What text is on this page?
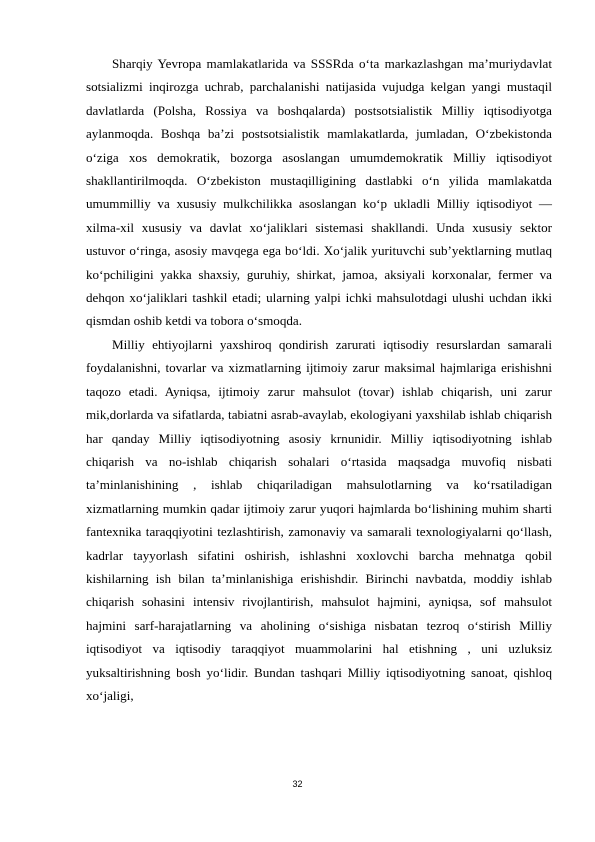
Sharqiy Yevropa mamlakatlarida va SSSRda oʻta markazlashgan maʼmuriydavlat sotsializmi inqirozga uchrab, parchalanishi natijasida vujudga kelgan yangi mustaqil davlatlarda (Polsha, Rossiya va boshqalarda) postsotsialistik Milliy iqtisodiyotga aylanmoqda. Boshqa baʼzi postsotsialistik mamlakatlarda, jumladan, Oʻzbekistonda oʻziga xos demokratik, bozorga asoslangan umumdemokratik Milliy iqtisodiyot shakllantirilmoqda. Oʻzbekiston mustaqilligining dastlabki oʻn yilida mamlakatda umummilliy va xususiy mulkchilikka asoslangan koʻp ukladli Milliy iqtisodiyot — xilma-xil xususiy va davlat xoʻjaliklari sistemasi shakllandi. Unda xususiy sektor ustuvor oʻringa, asosiy mavqega ega boʻldi. Xoʻjalik yurituvchi subʼyektlarning mutlaq koʻpchiligini yakka shaxsiy, guruhiy, shirkat, jamoa, aksiyali korxonalar, fermer va dehqon xoʻjaliklari tashkil etadi; ularning yalpi ichki mahsulotdagi ulushi uchdan ikki qismdan oshib ketdi va tobora oʻsmoqda.

Milliy ehtiyojlarni yaxshiroq qondirish zarurati iqtisodiy resurslardan samarali foydalanishni, tovarlar va xizmatlarning ijtimoiy zarur maksimal hajmlariga erishishni taqozo etadi. Ayniqsa, ijtimoiy zarur mahsulot (tovar) ishlab chiqarish, uni zarur mik,dorlarda va sifatlarda, tabiatni asrab-avaylab, ekologiyani yaxshilab ishlab chiqarish har qanday Milliy iqtisodiyotning asosiy krnunidir. Milliy iqtisodiyotning ishlab chiqarish va no-ishlab chiqarish sohalari oʻrtasida maqsadga muvofiq nisbati taʼminlanishining , ishlab chiqariladigan mahsulotlarning va koʻrsatiladigan xizmatlarning mumkin qadar ijtimoiy zarur yuqori hajmlarda boʻlishining muhim sharti fantexnika taraqqiyotini tezlashtirish, zamonaviy va samarali texnologiyalarni qoʻllash, kadrlar tayyorlash sifatini oshirish, ishlashni xoxlovchi barcha mehnatga qobil kishilarning ish bilan taʼminlanishiga erishishdir. Birinchi navbatda, moddiy ishlab chiqarish sohasini intensiv rivojlantirish, mahsulot hajmini, ayniqsa, sof mahsulot hajmini sarf-harajatlarning va aholining oʻsishiga nisbatan tezroq oʻstirish Milliy iqtisodiyot va iqtisodiy taraqqiyot muammolarini hal etishning , uni uzluksiz yuksaltirishning bosh yoʻlidir. Bundan tashqari Milliy iqtisodiyotning sanoat, qishloq xoʻjaligi,

32
